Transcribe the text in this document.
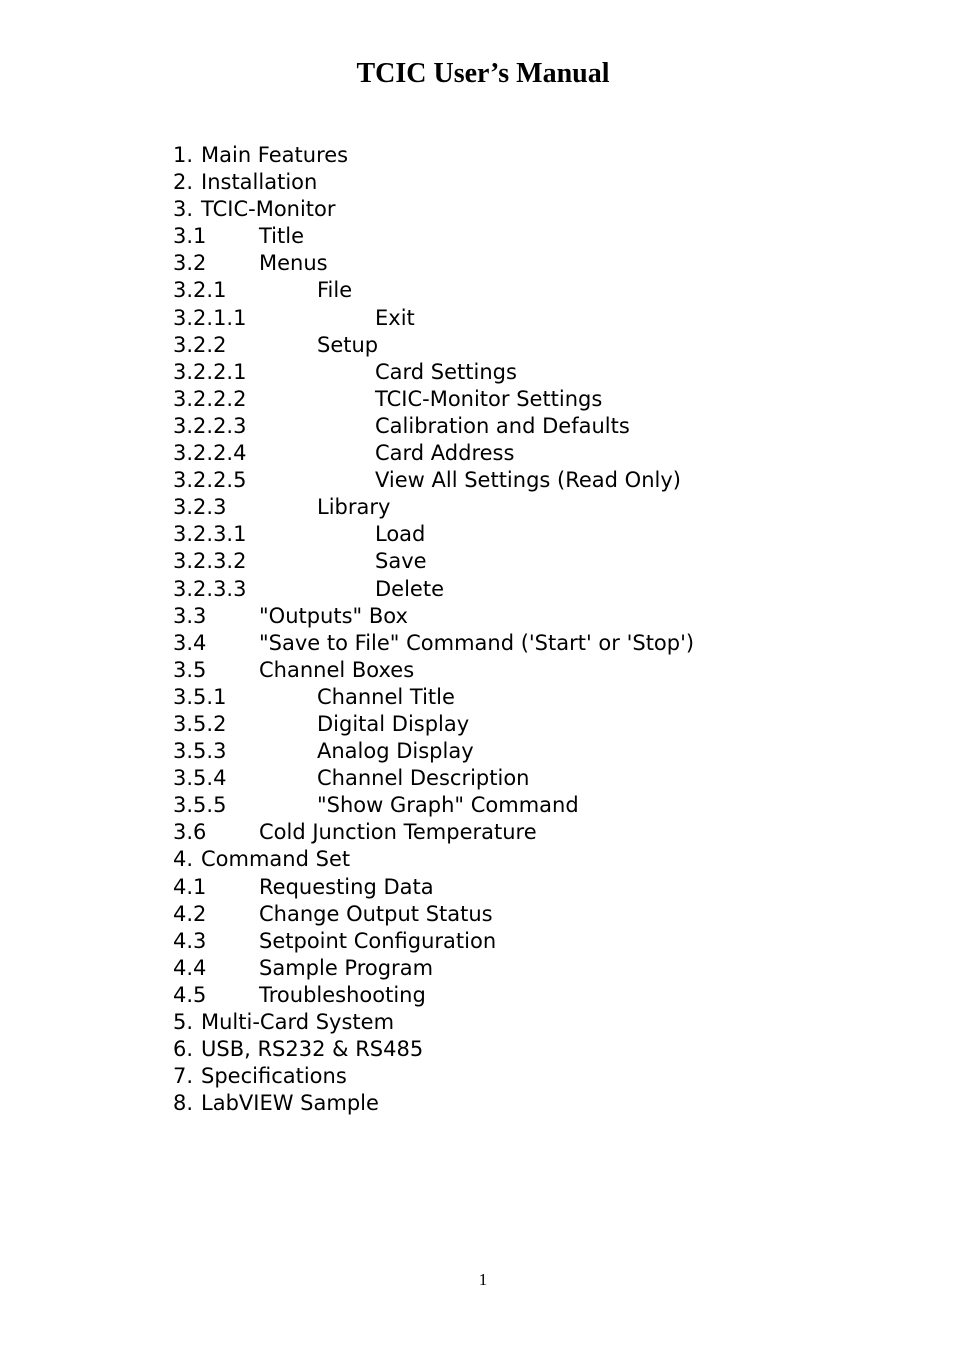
TCIC User’s Manual
1. Main Features
2. Installation
3. TCIC-Monitor
3.1	Title
3.2	Menus
3.2.1	File
3.2.1.1	Exit
3.2.2	Setup
3.2.2.1	Card Settings
3.2.2.2	TCIC-Monitor Settings
3.2.2.3	Calibration and Defaults
3.2.2.4	Card Address
3.2.2.5	View All Settings (Read Only)
3.2.3	Library
3.2.3.1	Load
3.2.3.2	Save
3.2.3.3	Delete
3.3	"Outputs" Box
3.4	"Save to File" Command ('Start' or 'Stop')
3.5	Channel Boxes
3.5.1	Channel Title
3.5.2	Digital Display
3.5.3	Analog Display
3.5.4	Channel Description
3.5.5	"Show Graph" Command
3.6	Cold Junction Temperature
4. Command Set
4.1	Requesting Data
4.2	Change Output Status
4.3	Setpoint Configuration
4.4	Sample Program
4.5	Troubleshooting
5. Multi-Card System
6. USB, RS232 & RS485
7. Specifications
8. LabVIEW Sample
1
